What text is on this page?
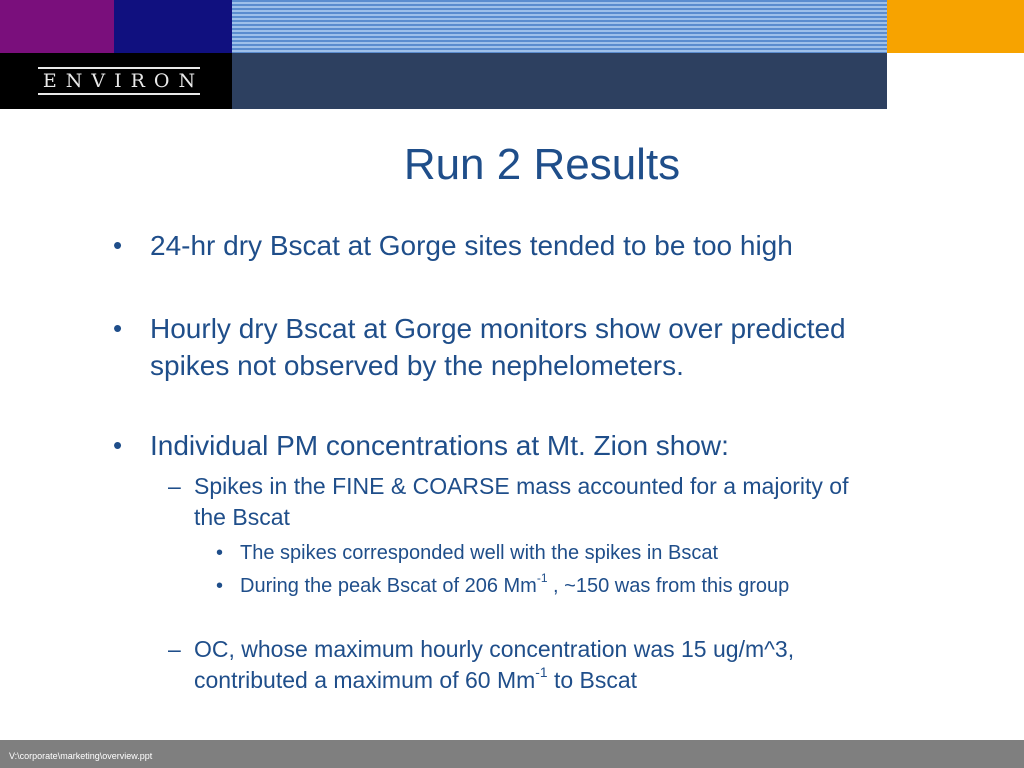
ENVIRON
Run 2 Results
• 24-hr dry Bscat at Gorge sites tended to be too high

• Hourly dry Bscat at Gorge monitors show over predicted spikes not observed by the nephelometers.

• Individual PM concentrations at Mt. Zion show:

– Spikes in the FINE & COARSE mass accounted for a majority of the Bscat

• The spikes corresponded well with the spikes in Bscat

• During the peak Bscat of 206 $Mm^{-1}$ , ~150 was from this group

– OC, whose maximum hourly concentration was 15 ug/m^3, contributed a maximum of 60 $Mm^{-1}$ to Bscat

V:\corporate\marketing\overview.ppt
